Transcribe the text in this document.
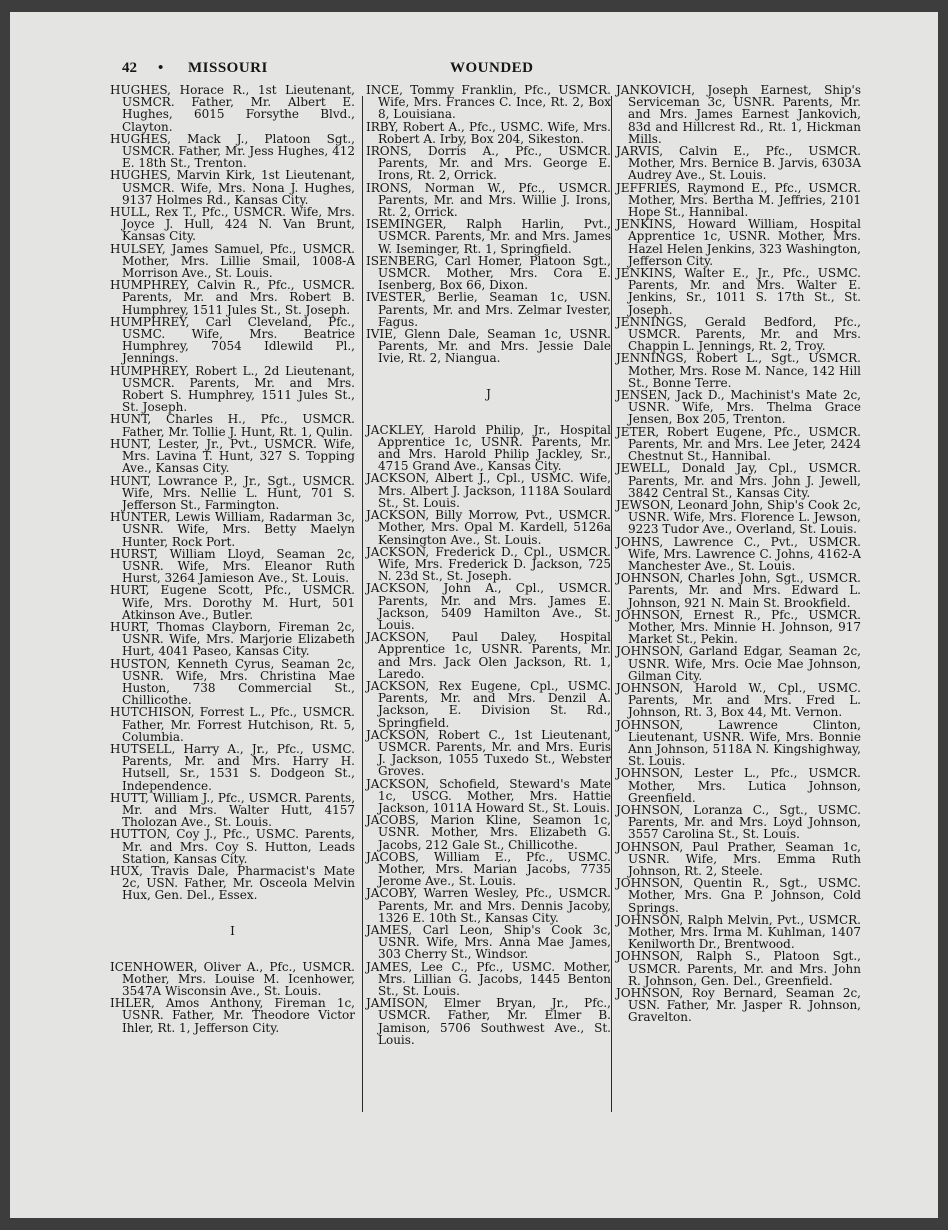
42 • MISSOURI	WOUNDED

HUGHES, Horace R., 1st Lieutenant, USMCR. Father, Mr. Albert E. Hughes, 6015 Forsythe Blvd., Clayton.

HUGHES, Mack J., Platoon Sgt., USMCR. Father, Mr. Jess Hughes, 412 E. 18th St., Trenton.

HUGHES, Marvin Kirk, 1st Lieutenant, USMCR. Wife, Mrs. Nona J. Hughes, 9137 Holmes Rd., Kansas City.

HULL, Rex T., Pfc., USMCR. Wife, Mrs. Joyce J. Hull, 424 N. Van Brunt, Kansas City.

HULSEY, James Samuel, Pfc., USMCR. Mother, Mrs. Lillie Smail, 1008-A Morrison Ave., St. Louis.

HUMPHREY, Calvin R., Pfc., USMCR. Parents, Mr. and Mrs. Robert B. Humphrey, 1511 Jules St., St. Joseph.

HUMPHREY, Carl Cleveland, Pfc., USMC. Wife, Mrs. Beatrice Humphrey, 7054 Idlewild Pl., Jennings.

HUMPHREY, Robert L., 2d Lieutenant, USMCR. Parents, Mr. and Mrs. Robert S. Humphrey, 1511 Jules St., St. Joseph.

HUNT, Charles H., Pfc., USMCR. Father, Mr. Tollie J. Hunt, Rt. 1, Qulin.

HUNT, Lester, Jr., Pvt., USMCR. Wife, Mrs. Lavina T. Hunt, 327 S. Topping Ave., Kansas City.

HUNT, Lowrance P., Jr., Sgt., USMCR. Wife, Mrs. Nellie L. Hunt, 701 S. Jefferson St., Farmington.

HUNTER, Lewis William, Radarman 3c, USNR. Wife, Mrs. Betty Maelyn Hunter, Rock Port.

HURST, William Lloyd, Seaman 2c, USNR. Wife, Mrs. Eleanor Ruth Hurst, 3264 Jamieson Ave., St. Louis.

HURT, Eugene Scott, Pfc., USMCR. Wife, Mrs. Dorothy M. Hurt, 501 Atkinson Ave., Butler.

HURT, Thomas Clayborn, Fireman 2c, USNR. Wife, Mrs. Marjorie Elizabeth Hurt, 4041 Paseo, Kansas City.

HUSTON, Kenneth Cyrus, Seaman 2c, USNR. Wife, Mrs. Christina Mae Huston, 738 Commercial St., Chillicothe.

HUTCHISON, Forrest L., Pfc., USMCR. Father, Mr. Forrest Hutchison, Rt. 5, Columbia.

HUTSELL, Harry A., Jr., Pfc., USMC. Parents, Mr. and Mrs. Harry H. Hutsell, Sr., 1531 S. Dodgeon St., Independence.

HUTT, William J., Pfc., USMCR. Parents, Mr. and Mrs. Walter Hutt, 4157 Tholozan Ave., St. Louis.

HUTTON, Coy J., Pfc., USMC. Parents, Mr. and Mrs. Coy S. Hutton, Leads Station, Kansas City.

HUX, Travis Dale, Pharmacist's Mate 2c, USN. Father, Mr. Osceola Melvin Hux, Gen. Del., Essex.

I

ICENHOWER, Oliver A., Pfc., USMCR. Mother, Mrs. Louise M. Icenhower, 3547A Wisconsin Ave., St. Louis.

IHLER, Amos Anthony, Fireman 1c, USNR. Father, Mr. Theodore Victor Ihler, Rt. 1, Jefferson City.

INCE, Tommy Franklin, Pfc., USMCR. Wife, Mrs. Frances C. Ince, Rt. 2, Box 8, Louisiana.

IRBY, Robert A., Pfc., USMC. Wife, Mrs. Robert A. Irby, Box 204, Sikeston.

IRONS, Dorris A., Pfc., USMCR. Parents, Mr. and Mrs. George E. Irons, Rt. 2, Orrick.

IRONS, Norman W., Pfc., USMCR. Parents, Mr. and Mrs. Willie J. Irons, Rt. 2, Orrick.

ISEMINGER, Ralph Harlin, Pvt., USMCR. Parents, Mr. and Mrs. James W. Iseminger, Rt. 1, Springfield.

ISENBERG, Carl Homer, Platoon Sgt., USMCR. Mother, Mrs. Cora E. Isenberg, Box 66, Dixon.

IVESTER, Berlie, Seaman 1c, USN. Parents, Mr. and Mrs. Zelmar Ivester, Fagus.

IVIE, Glenn Dale, Seaman 1c, USNR. Parents, Mr. and Mrs. Jessie Dale Ivie, Rt. 2, Niangua.

J

JACKLEY, Harold Philip, Jr., Hospital Apprentice 1c, USNR. Parents, Mr. and Mrs. Harold Philip Jackley, Sr., 4715 Grand Ave., Kansas City.

JACKSON, Albert J., Cpl., USMC. Wife, Mrs. Albert J. Jackson, 1118A Soulard St., St. Louis.

JACKSON, Billy Morrow, Pvt., USMCR. Mother, Mrs. Opal M. Kardell, 5126a Kensington Ave., St. Louis.

JACKSON, Frederick D., Cpl., USMCR. Wife, Mrs. Frederick D. Jackson, 725 N. 23d St., St. Joseph.

JACKSON, John A., Cpl., USMCR. Parents, Mr. and Mrs. James E. Jackson, 5409 Hamilton Ave., St. Louis.

JACKSON, Paul Daley, Hospital Apprentice 1c, USNR. Parents, Mr. and Mrs. Jack Olen Jackson, Rt. 1, Laredo.

JACKSON, Rex Eugene, Cpl., USMC. Parents, Mr. and Mrs. Denzil A. Jackson, E. Division St. Rd., Springfield.

JACKSON, Robert C., 1st Lieutenant, USMCR. Parents, Mr. and Mrs. Euris J. Jackson, 1055 Tuxedo St., Webster Groves.

JACKSON, Schofield, Steward's Mate 1c, USCG. Mother, Mrs. Hattie Jackson, 1011A Howard St., St. Louis.

JACOBS, Marion Kline, Seamon 1c, USNR. Mother, Mrs. Elizabeth G. Jacobs, 212 Gale St., Chillicothe.

JACOBS, William E., Pfc., USMC. Mother, Mrs. Marian Jacobs, 7735 Jerome Ave., St. Louis.

JACOBY, Warren Wesley, Pfc., USMCR. Parents, Mr. and Mrs. Dennis Jacoby, 1326 E. 10th St., Kansas City.

JAMES, Carl Leon, Ship's Cook 3c, USNR. Wife, Mrs. Anna Mae James, 303 Cherry St., Windsor.

JAMES, Lee C., Pfc., USMC. Mother, Mrs. Lillian G. Jacobs, 1445 Benton St., St. Louis.

JAMISON, Elmer Bryan, Jr., Pfc., USMCR. Father, Mr. Elmer B. Jamison, 5706 Southwest Ave., St. Louis.

JANKOVICH, Joseph Earnest, Ship's Serviceman 3c, USNR. Parents, Mr. and Mrs. James Earnest Jankovich, 83d and Hillcrest Rd., Rt. 1, Hickman Mills.

JARVIS, Calvin E., Pfc., USMCR. Mother, Mrs. Bernice B. Jarvis, 6303A Audrey Ave., St. Louis.

JEFFRIES, Raymond E., Pfc., USMCR. Mother, Mrs. Bertha M. Jeffries, 2101 Hope St., Hannibal.

JENKINS, Howard William, Hospital Apprentice 1c, USNR. Mother, Mrs. Hazel Helen Jenkins, 323 Washington, Jefferson City.

JENKINS, Walter E., Jr., Pfc., USMC. Parents, Mr. and Mrs. Walter E. Jenkins, Sr., 1011 S. 17th St., St. Joseph.

JENNINGS, Gerald Bedford, Pfc., USMCR. Parents, Mr. and Mrs. Chappin L. Jennings, Rt. 2, Troy.

JENNINGS, Robert L., Sgt., USMCR. Mother, Mrs. Rose M. Nance, 142 Hill St., Bonne Terre.

JENSEN, Jack D., Machinist's Mate 2c, USNR. Wife, Mrs. Thelma Grace Jensen, Box 205, Trenton.

JETER, Robert Eugene, Pfc., USMCR. Parents, Mr. and Mrs. Lee Jeter, 2424 Chestnut St., Hannibal.

JEWELL, Donald Jay, Cpl., USMCR. Parents, Mr. and Mrs. John J. Jewell, 3842 Central St., Kansas City.

JEWSON, Leonard John, Ship's Cook 2c, USNR. Wife, Mrs. Florence L. Jewson, 9223 Tudor Ave., Overland, St. Louis.

JOHNS, Lawrence C., Pvt., USMCR. Wife, Mrs. Lawrence C. Johns, 4162-A Manchester Ave., St. Louis.

JOHNSON, Charles John, Sgt., USMCR. Parents, Mr. and Mrs. Edward L. Johnson, 921 N. Main St. Brookfield.

JOHNSON, Ernest R., Pfc., USMCR. Mother, Mrs. Minnie H. Johnson, 917 Market St., Pekin.

JOHNSON, Garland Edgar, Seaman 2c, USNR. Wife, Mrs. Ocie Mae Johnson, Gilman City.

JOHNSON, Harold W., Cpl., USMC. Parents, Mr. and Mrs. Fred L. Johnson, Rt. 3, Box 44, Mt. Vernon.

JOHNSON, Lawrence Clinton, Lieutenant, USNR. Wife, Mrs. Bonnie Ann Johnson, 5118A N. Kingshighway, St. Louis.

JOHNSON, Lester L., Pfc., USMCR. Mother, Mrs. Lutica Johnson, Greenfield.

JOHNSON, Loranza C., Sgt., USMC. Parents, Mr. and Mrs. Loyd Johnson, 3557 Carolina St., St. Louis.

JOHNSON, Paul Prather, Seaman 1c, USNR. Wife, Mrs. Emma Ruth Johnson, Rt. 2, Steele.

JOHNSON, Quentin R., Sgt., USMC. Mother, Mrs. Gna P. Johnson, Cold Springs.

JOHNSON, Ralph Melvin, Pvt., USMCR. Mother, Mrs. Irma M. Kuhlman, 1407 Kenilworth Dr., Brentwood.

JOHNSON, Ralph S., Platoon Sgt., USMCR. Parents, Mr. and Mrs. John R. Johnson, Gen. Del., Greenfield.

JOHNSON, Roy Bernard, Seaman 2c, USN. Father, Mr. Jasper R. Johnson, Gravelton.
